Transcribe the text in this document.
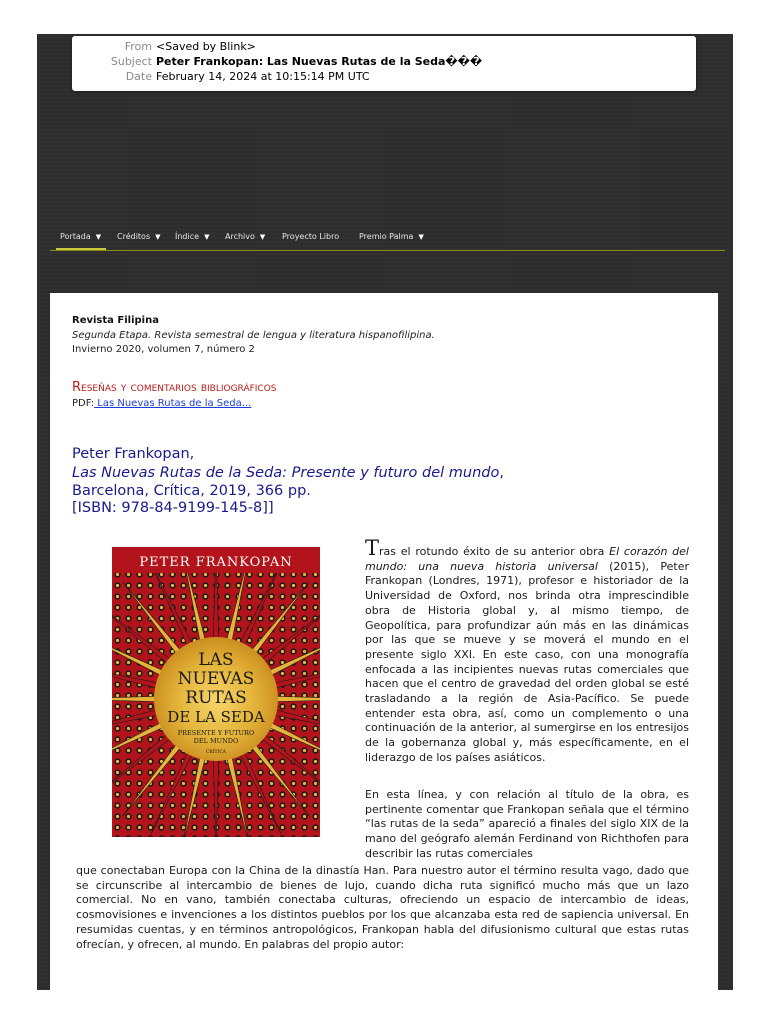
From <Saved by Blink>
Subject Peter Frankopan: Las Nuevas Rutas de la Seda���
Date February 14, 2024 at 10:15:14 PM UTC
Portada ▼ Créditos ▼ Índice ▼ Archivo ▼ Proyecto Libro Premio Palma ▼
Revista Filipina
Segunda Etapa. Revista semestral de lengua y literatura hispanofilipina.
Invierno 2020, volumen 7, número 2
Reseñas y comentarios bibliográficos
PDF: Las Nuevas Rutas de la Seda...
Peter Frankopan,
Las Nuevas Rutas de la Seda: Presente y futuro del mundo,
Barcelona, Crítica, 2019, 366 pp.
[ISBN: 978-84-9199-145-8]]
PETER FRANKOPAN
LAS
NUEVAS
RUTAS
DE LA SEDA
PRESENTE Y FUTURO
DEL MUNDO
CRÍTICA

Tras el rotundo éxito de su anterior obra El corazón del mundo: una nueva historia universal (2015), Peter Frankopan (Londres, 1971), profesor e historiador de la Universidad de Oxford, nos brinda otra imprescindible obra de Historia global y, al mismo tiempo, de Geopolítica, para profundizar aún más en las dinámicas por las que se mueve y se moverá el mundo en el presente siglo XXI. En este caso, con una monografía enfocada a las incipientes nuevas rutas comerciales que hacen que el centro de gravedad del orden global se esté trasladando a la región de Asia-Pacífico. Se puede entender esta obra, así, como un complemento o una continuación de la anterior, al sumergirse en los entresijos de la gobernanza global y, más específicamente, en el liderazgo de los países asiáticos.

En esta línea, y con relación al título de la obra, es pertinente comentar que Frankopan señala que el término “las rutas de la seda” apareció a finales del siglo XIX de la mano del geógrafo alemán Ferdinand von Richthofen para describir las rutas comerciales

que conectaban Europa con la China de la dinastía Han. Para nuestro autor el término resulta vago, dado que se circunscribe al intercambio de bienes de lujo, cuando dicha ruta significó mucho más que un lazo comercial. No en vano, también conectaba culturas, ofreciendo un espacio de intercambio de ideas, cosmovisiones e invenciones a los distintos pueblos por los que alcanzaba esta red de sapiencia universal. En resumidas cuentas, y en términos antropológicos, Frankopan habla del difusionismo cultural que estas rutas ofrecían, y ofrecen, al mundo. En palabras del propio autor:
